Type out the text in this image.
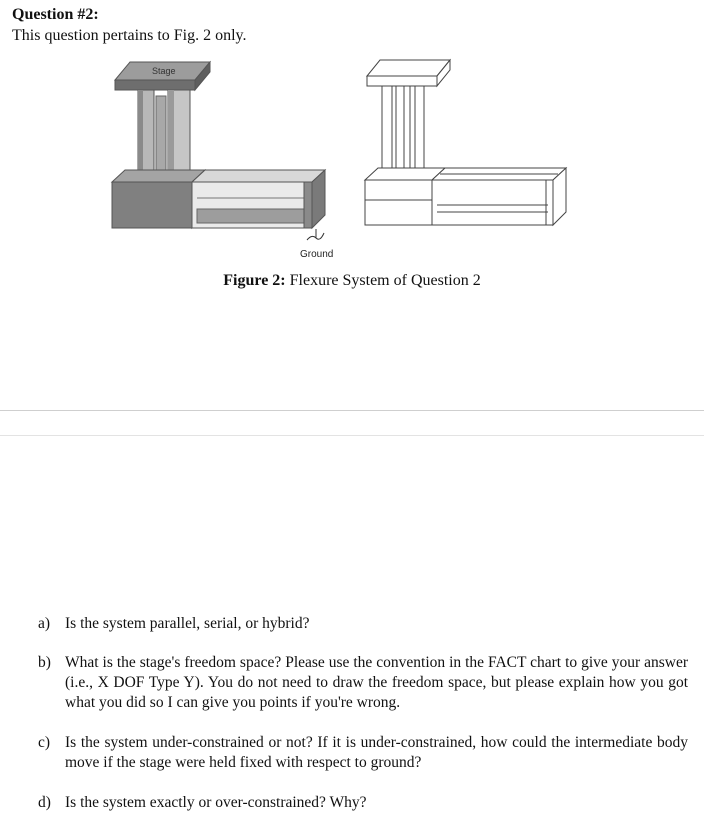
Question #2:
This question pertains to Fig. 2 only.
Stage
Ground
Figure 2: Flexure System of Question 2
a) Is the system parallel, serial, or hybrid?
b) What is the stage's freedom space? Please use the convention in the FACT chart to give your answer (i.e., X DOF Type Y). You do not need to draw the freedom space, but please explain how you got what you did so I can give you points if you're wrong.
c) Is the system under-constrained or not? If it is under-constrained, how could the intermediate body move if the stage were held fixed with respect to ground?
d) Is the system exactly or over-constrained? Why?
